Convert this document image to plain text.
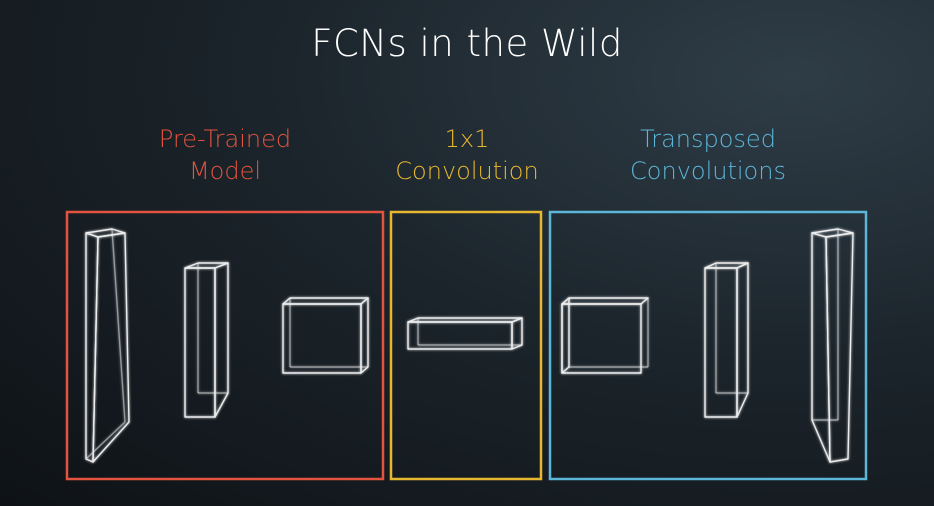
FCNs in the Wild
Pre-Trained
Model
1x1
Convolution
Transposed
Convolutions
